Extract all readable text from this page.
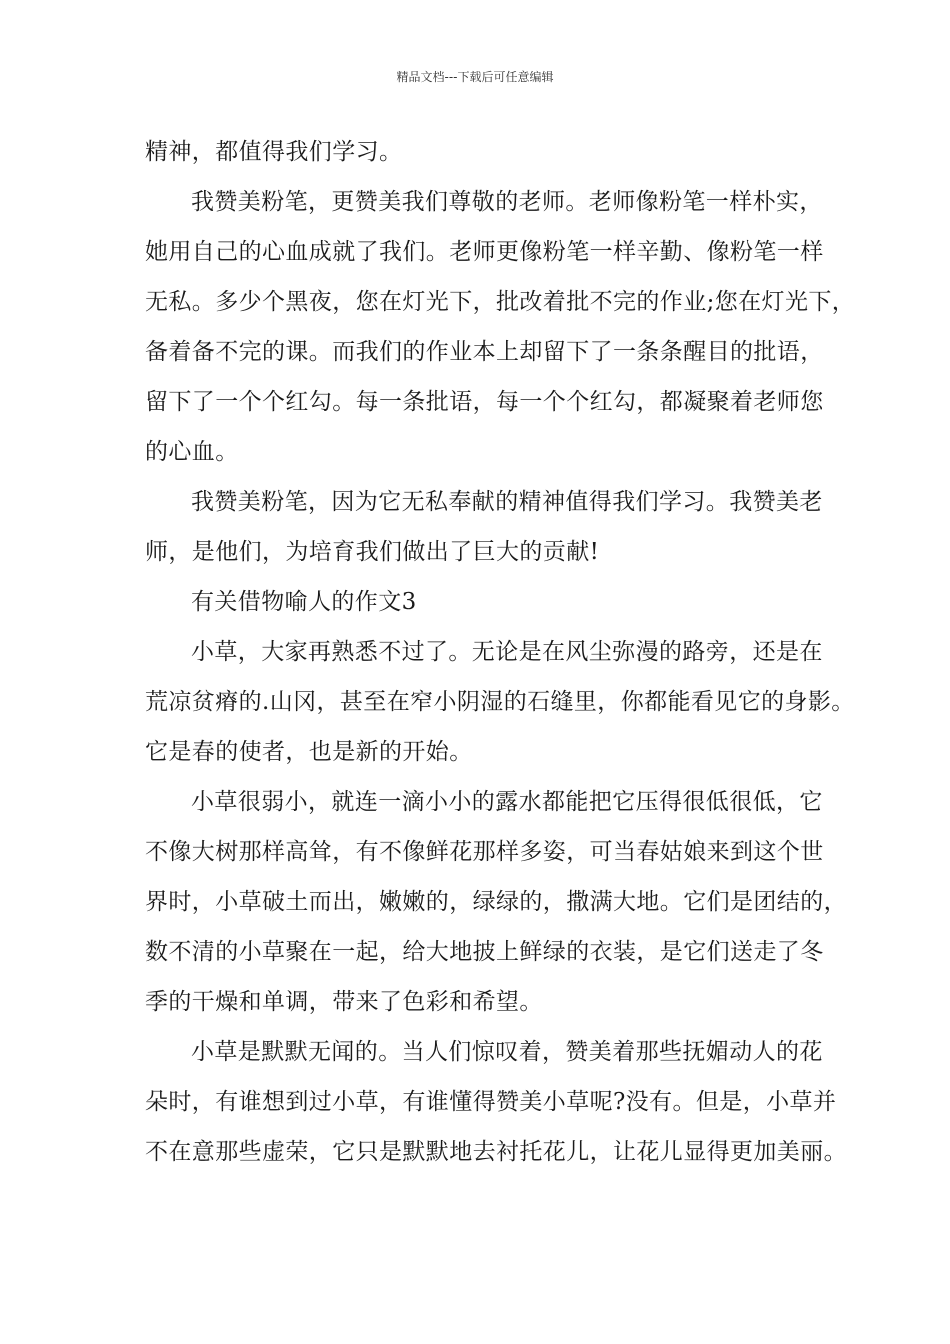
精品文档---下载后可任意编辑
精神，都值得我们学习。
我赞美粉笔，更赞美我们尊敬的老师。老师像粉笔一样朴实，
她用自己的心血成就了我们。老师更像粉笔一样辛勤、像粉笔一样
无私。多少个黑夜，您在灯光下，批改着批不完的作业;您在灯光下，
备着备不完的课。而我们的作业本上却留下了一条条醒目的批语，
留下了一个个红勾。每一条批语，每一个个红勾，都凝聚着老师您
的心血。
我赞美粉笔，因为它无私奉献的精神值得我们学习。我赞美老
师，是他们，为培育我们做出了巨大的贡献!
有关借物喻人的作文3
小草，大家再熟悉不过了。无论是在风尘弥漫的路旁，还是在
荒凉贫瘠的.山冈，甚至在窄小阴湿的石缝里，你都能看见它的身影。
它是春的使者，也是新的开始。
小草很弱小，就连一滴小小的露水都能把它压得很低很低，它
不像大树那样高耸，有不像鲜花那样多姿，可当春姑娘来到这个世
界时，小草破土而出，嫩嫩的，绿绿的，撒满大地。它们是团结的，
数不清的小草聚在一起，给大地披上鲜绿的衣装，是它们送走了冬
季的干燥和单调，带来了色彩和希望。
小草是默默无闻的。当人们惊叹着，赞美着那些抚媚动人的花
朵时，有谁想到过小草，有谁懂得赞美小草呢?没有。但是，小草并
不在意那些虚荣，它只是默默地去衬托花儿，让花儿显得更加美丽。
